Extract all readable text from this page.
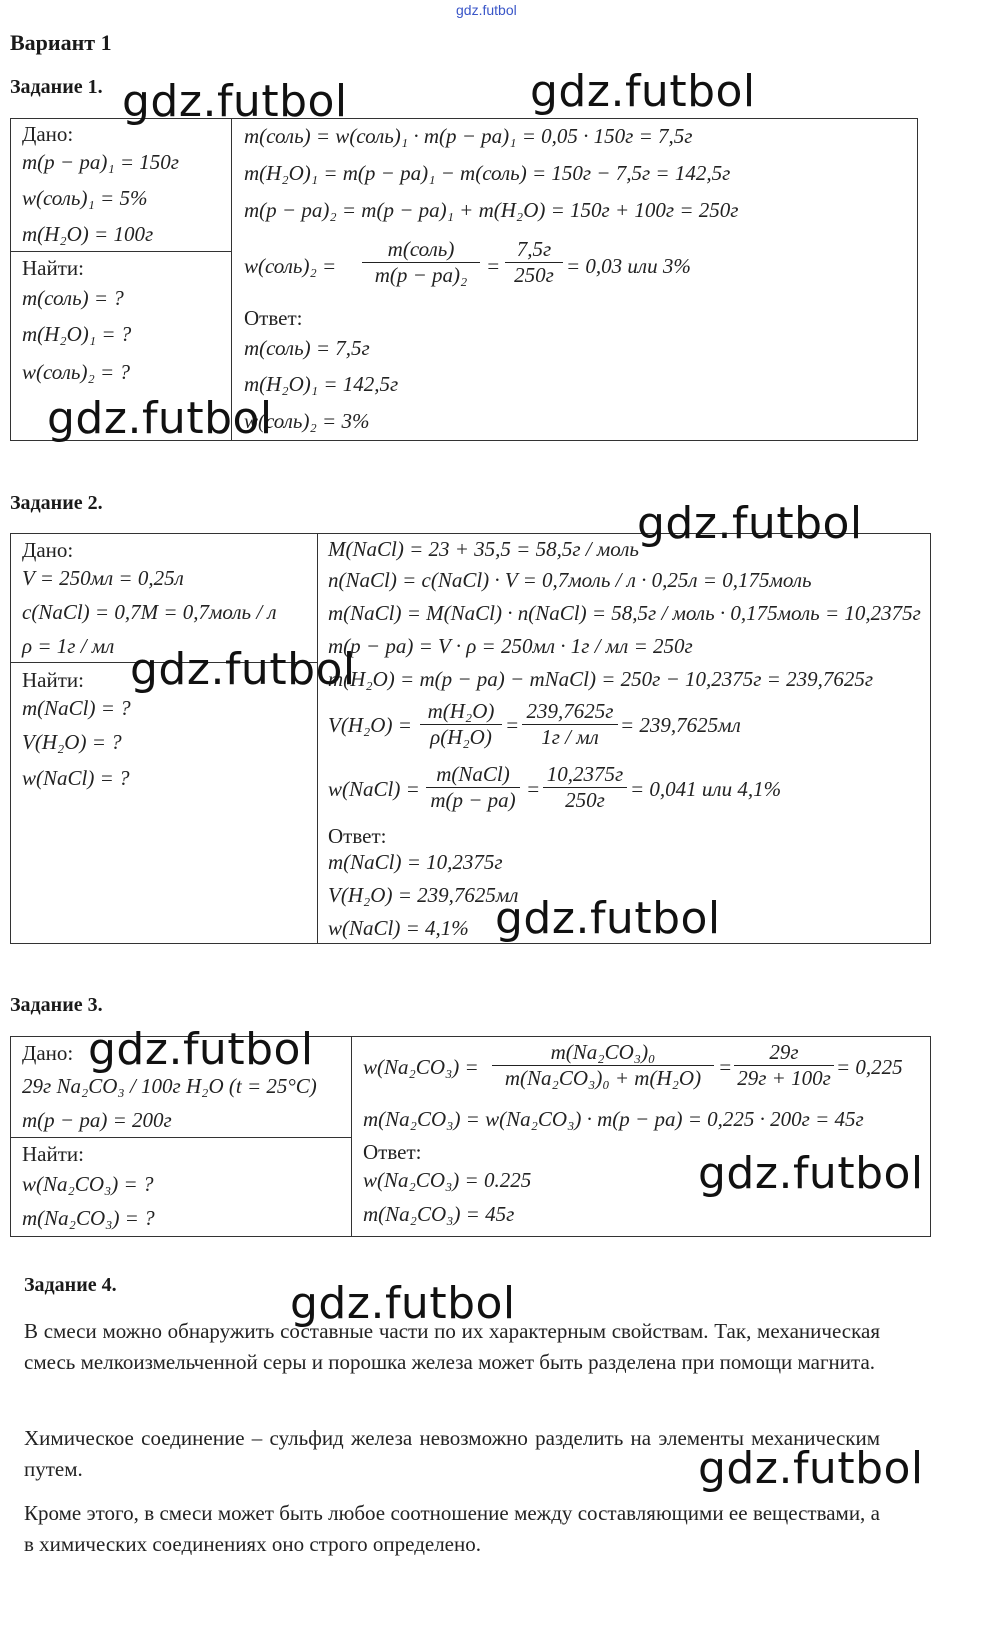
gdz.futbol
Вариант 1
Задание 1.
Дано:
m(р − ра)₁ = 150г
w(соль)₁ = 5%
m(H₂O) = 100г
Найти:
m(соль) = ?
m(H₂O)₁ = ?
w(соль)₂ = ?
m(соль) = w(соль)₁ · m(р − ра)₁ = 0,05 · 150г = 7,5г
m(H₂O)₁ = m(р − ра)₁ − m(соль) = 150г − 7,5г = 142,5г
m(р − ра)₂ = m(р − ра)₁ + m(H₂O) = 150г + 100г = 250г
w(соль)₂ =
m(соль)
m(р − ра)₂ =
7,5г
250г = 0,03 или 3%
Ответ:
m(соль) = 7,5г
m(H₂O)₁ = 142,5г
w(соль)₂ = 3%
Задание 2.
Дано:
V = 250мл = 0,25л
c(NaCl) = 0,7M = 0,7моль / л
ρ = 1г / мл
Найти:
m(NaCl) = ?
V(H₂O) = ?
w(NaCl) = ?
M(NaCl) = 23 + 35,5 = 58,5г / моль
n(NaCl) = c(NaCl) · V = 0,7моль / л · 0,25л = 0,175моль
m(NaCl) = M(NaCl) · n(NaCl) = 58,5г / моль · 0,175моль = 10,2375г
m(р − ра) = V · ρ = 250мл · 1г / мл = 250г
m(H₂O) = m(р − ра) − mNaCl) = 250г − 10,2375г = 239,7625г
$V(H_2O) = \frac{\text{m(H₂O)}}{\text{ρ(H₂O)}}$ =
239,7625г
1г / мл	= 239,7625мл
w(NaCl) =
m(NaCl)
m(р − ра) =
10,2375г
250г	= 0,041 или 4,1%
Ответ:
m(NaCl) = 10,2375г
V(H₂O) = 239,7625мл
w(NaCl) = 4,1%
Задание 3.
Дано:
29г Na₂CO₃ / 100г H₂O (t = 25°C)
m(р − ра) = 200г
Найти:
w(Na₂CO₃) = ?
m(Na₂CO₃) = ?
$w(Na_2CO_3) = \frac{\text{m(Na₂CO₃)₀}}{\text{m(Na₂CO₃)₀ + m(H₂O)}}$ =
29г
29г + 100г = 0,225
m(Na₂CO₃) = w(Na₂CO₃) · m(р − ра) = 0,225 · 200г = 45г
Ответ:
w(Na₂CO₃) = 0.225
m(Na₂CO₃) = 45г
Задание 4.
В смеси можно обнаружить составные части по их характерным свойствам. Так, механическая смесь мелкоизмельченной серы и порошка железа может быть разделена при помощи магнита.
Химическое соединение – сульфид железа невозможно разделить на элементы механическим путем.
Кроме этого, в смеси может быть любое соотношение между составляющими ее веществами, а в химических соединениях оно строго определено.
gdz.futbol	gdz.futbol
gdz.futbol
gdz.futbol
gdz.futbol
gdz.futbol
gdz.futbol
gdz.futbol
gdz.futbol
gdz.futbol
